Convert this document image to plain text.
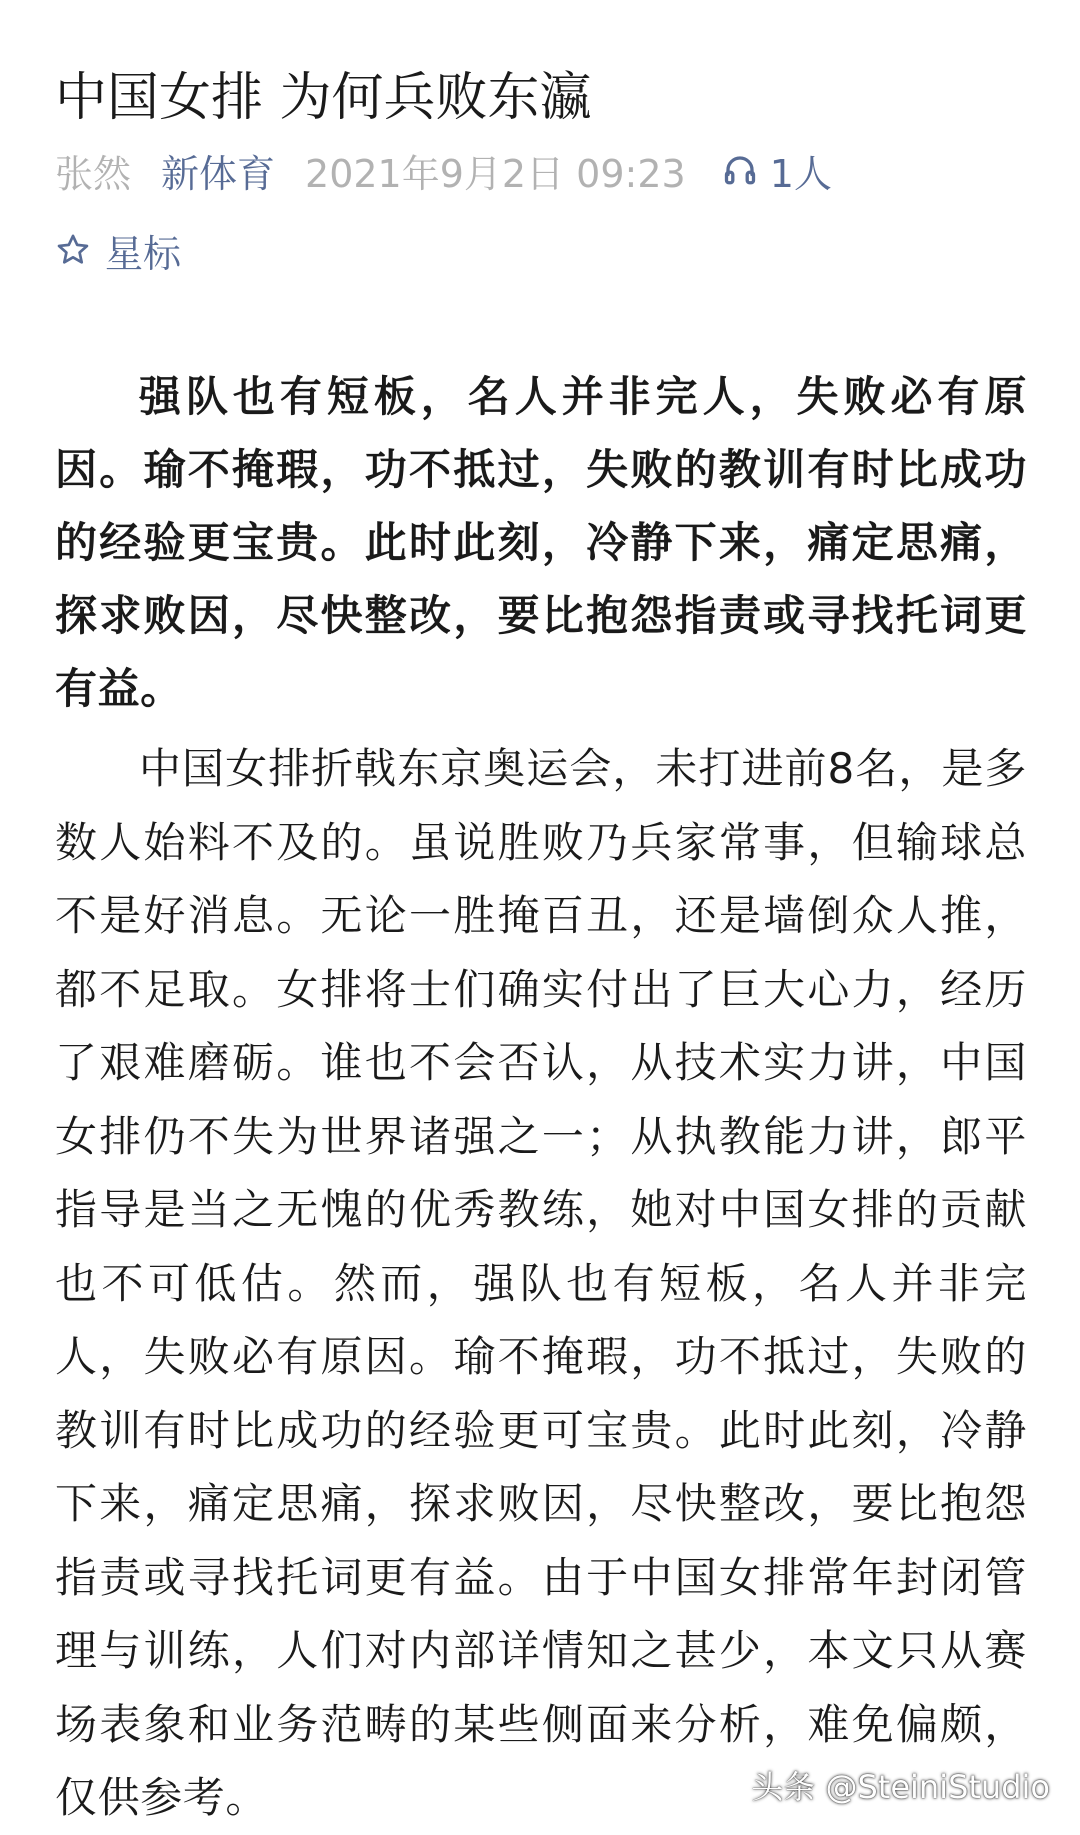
中国女排 为何兵败东瀛
张然 新体育 2021年9月2日 09:23 1人
星标

强队也有短板，名人并非完人，失败必有原因。瑜不掩瑕，功不抵过，失败的教训有时比成功的经验更宝贵。此时此刻，冷静下来，痛定思痛，探求败因，尽快整改，要比抱怨指责或寻找托词更有益。

中国女排折戟东京奥运会，未打进前8名，是多数人始料不及的。虽说胜败乃兵家常事，但输球总不是好消息。无论一胜掩百丑，还是墙倒众人推，都不足取。女排将士们确实付出了巨大心力，经历了艰难磨砺。谁也不会否认，从技术实力讲，中国女排仍不失为世界诸强之一；从执教能力讲，郎平指导是当之无愧的优秀教练，她对中国女排的贡献也不可低估。然而，强队也有短板，名人并非完人，失败必有原因。瑜不掩瑕，功不抵过，失败的教训有时比成功的经验更可宝贵。此时此刻，冷静下来，痛定思痛，探求败因，尽快整改，要比抱怨指责或寻找托词更有益。由于中国女排常年封闭管理与训练，人们对内部详情知之甚少，本文只从赛场表象和业务范畴的某些侧面来分析，难免偏颇，仅供参考。	头条 @SteiniStudio
